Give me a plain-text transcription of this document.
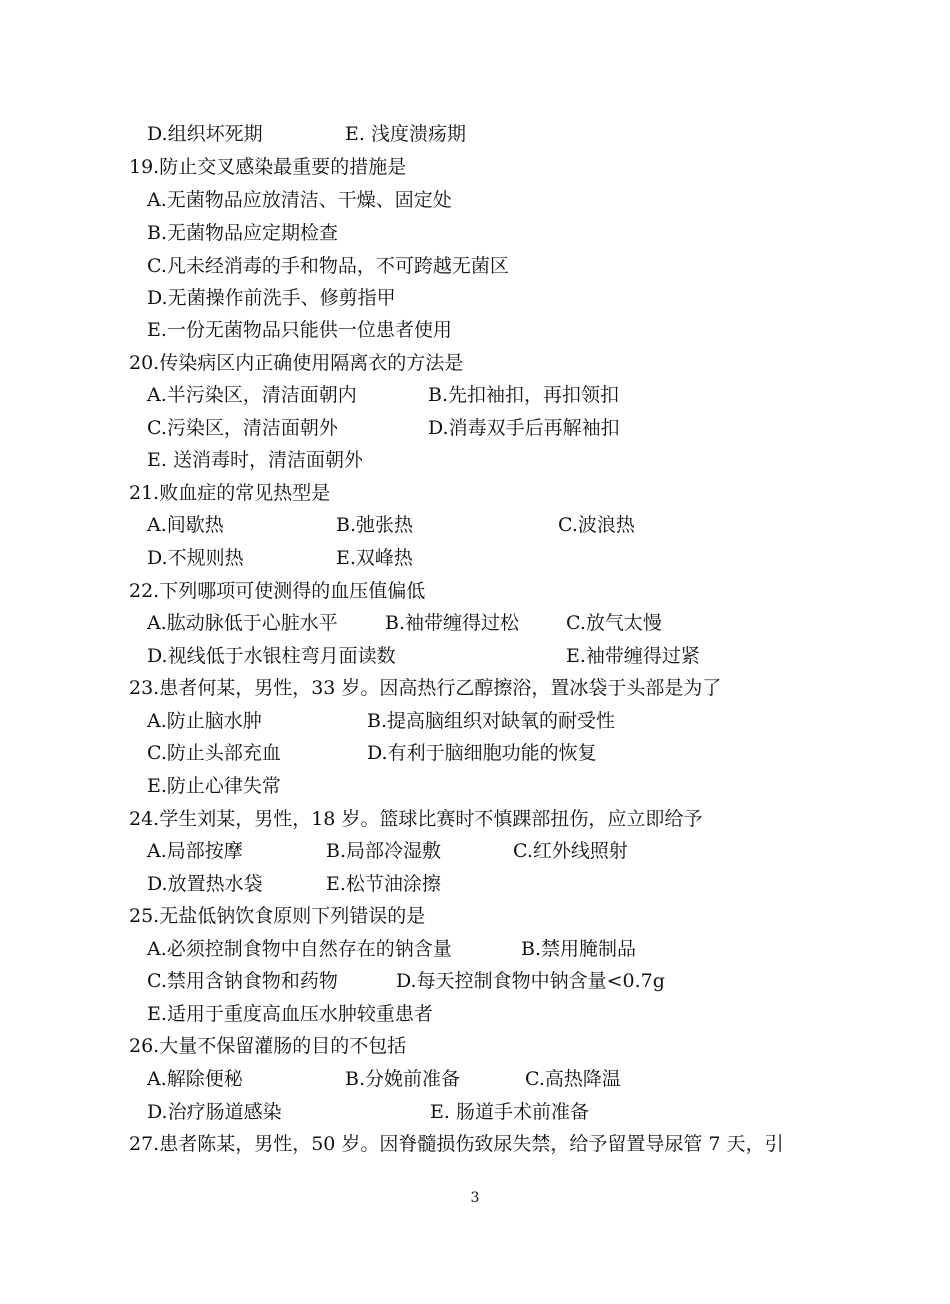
D.组织坏死期	E. 浅度溃疡期
19.防止交叉感染最重要的措施是
A.无菌物品应放清洁、干燥、固定处
B.无菌物品应定期检查
C.凡未经消毒的手和物品，不可跨越无菌区
D.无菌操作前洗手、修剪指甲
E.一份无菌物品只能供一位患者使用
20.传染病区内正确使用隔离衣的方法是
A.半污染区，清洁面朝内	B.先扣袖扣，再扣领扣
C.污染区，清洁面朝外	D.消毒双手后再解袖扣
E. 送消毒时，清洁面朝外
21.败血症的常见热型是
A.间歇热	B.弛张热	C.波浪热
D.不规则热	E.双峰热
22.下列哪项可使测得的血压值偏低
A.肱动脉低于心脏水平 B.袖带缠得过松 C.放气太慢
D.视线低于水银柱弯月面读数	E.袖带缠得过紧
23.患者何某，男性，33 岁。因高热行乙醇擦浴，置冰袋于头部是为了
A.防止脑水肿	B.提高脑组织对缺氧的耐受性
C.防止头部充血	D.有利于脑细胞功能的恢复
E.防止心律失常
24.学生刘某，男性，18 岁。篮球比赛时不慎踝部扭伤，应立即给予
A.局部按摩	B.局部冷湿敷	C.红外线照射
D.放置热水袋	E.松节油涂擦
25.无盐低钠饮食原则下列错误的是
A.必须控制食物中自然存在的钠含量	B.禁用腌制品
C.禁用含钠食物和药物	D.每天控制食物中钠含量<0.7g
E.适用于重度高血压水肿较重患者
26.大量不保留灌肠的目的不包括
A.解除便秘	B.分娩前准备	C.高热降温
D.治疗肠道感染	E. 肠道手术前准备
27.患者陈某，男性，50 岁。因脊髓损伤致尿失禁，给予留置导尿管 7 天，引
3
